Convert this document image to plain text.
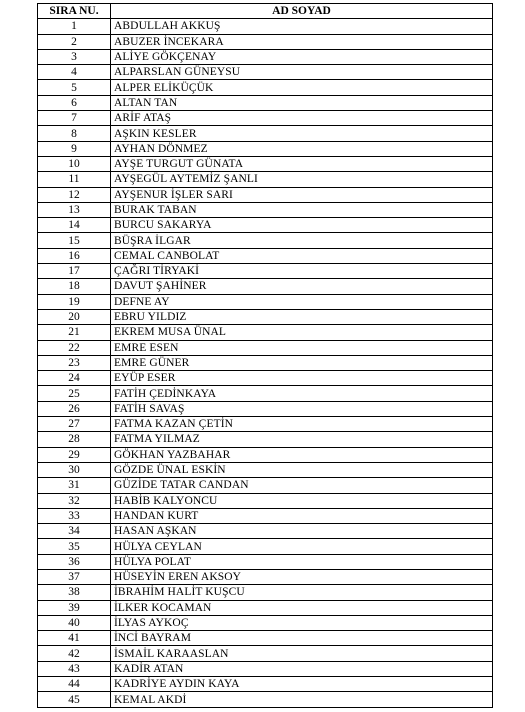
SIRA NU.	AD SOYAD
1	ABDULLAH AKKUŞ
2	ABUZER İNCEKARA
3	ALİYE GÖKÇENAY
4	ALPARSLAN GÜNEYSU
5	ALPER ELİKÜÇÜK
6	ALTAN TAN
7	ARİF ATAŞ
8	AŞKIN KESLER
9	AYHAN DÖNMEZ
10	AYŞE TURGUT GÜNATA
11	AYŞEGÜL AYTEMİZ ŞANLI
12	AYŞENUR İŞLER SARI
13	BURAK TABAN
14	BURCU SAKARYA
15	BÜŞRA İLGAR
16	CEMAL CANBOLAT
17	ÇAĞRI TİRYAKİ
18	DAVUT ŞAHİNER
19	DEFNE AY
20	EBRU YILDIZ
21	EKREM MUSA ÜNAL
22	EMRE ESEN
23	EMRE GÜNER
24	EYÜP ESER
25	FATİH ÇEDİNKAYA
26	FATİH SAVAŞ
27	FATMA KAZAN ÇETİN
28	FATMA YILMAZ
29	GÖKHAN YAZBAHAR
30	GÖZDE ÜNAL ESKİN
31	GÜZİDE TATAR CANDAN
32	HABİB KALYONCU
33	HANDAN KURT
34	HASAN AŞKAN
35	HÜLYA CEYLAN
36	HÜLYA POLAT
37	HÜSEYİN EREN AKSOY
38	İBRAHİM HALİT KUŞCU
39	İLKER KOCAMAN
40	İLYAS AYKOÇ
41	İNCİ BAYRAM
42	İSMAİL KARAASLAN
43	KADİR ATAN
44	KADRİYE AYDIN KAYA
45	KEMAL AKDİ
